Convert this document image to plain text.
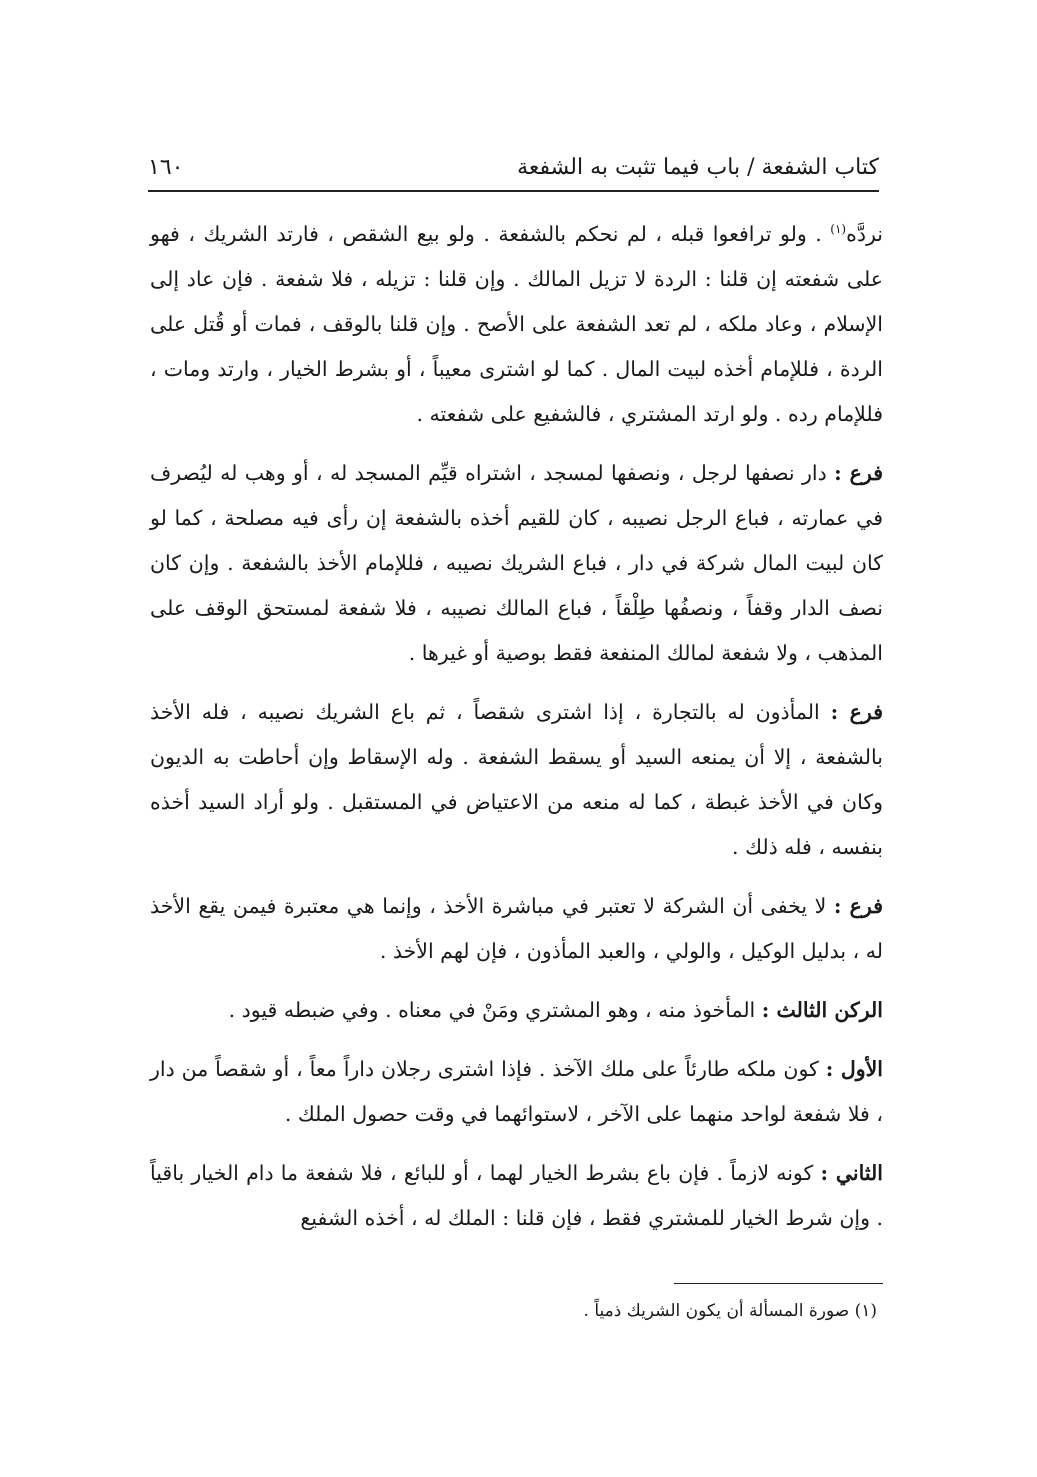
كتاب الشفعة / باب فيما تثبت به الشفعة
١٦٠

نردَّه$^{(١)}$ . ولو ترافعوا قبله ، لم نحكم بالشفعة . ولو بيع الشقص ، فارتد الشريك ، فهو على شفعته إن قلنا : الردة لا تزيل المالك . وإن قلنا : تزيله ، فلا شفعة . فإن عاد إلى الإسلام ، وعاد ملكه ، لم تعد الشفعة على الأصح . وإن قلنا بالوقف ، فمات أو قُتل على الردة ، فللإمام أخذه لبيت المال . كما لو اشترى معيباً ، أو بشرط الخيار ، وارتد ومات ، فللإمام رده . ولو ارتد المشتري ، فالشفيع على شفعته .

فرع : دار نصفها لرجل ، ونصفها لمسجد ، اشتراه قيِّم المسجد له ، أو وهب له ليُصرف في عمارته ، فباع الرجل نصيبه ، كان للقيم أخذه بالشفعة إن رأى فيه مصلحة ، كما لو كان لبيت المال شركة في دار ، فباع الشريك نصيبه ، فللإمام الأخذ بالشفعة . وإن كان نصف الدار وقفاً ، ونصفُها طِلْقاً ، فباع المالك نصيبه ، فلا شفعة لمستحق الوقف على المذهب ، ولا شفعة لمالك المنفعة فقط بوصية أو غيرها .

فرع : المأذون له بالتجارة ، إذا اشترى شقصاً ، ثم باع الشريك نصيبه ، فله الأخذ بالشفعة ، إلا أن يمنعه السيد أو يسقط الشفعة . وله الإسقاط وإن أحاطت به الديون وكان في الأخذ غبطة ، كما له منعه من الاعتياض في المستقبل . ولو أراد السيد أخذه بنفسه ، فله ذلك .

فرع : لا يخفى أن الشركة لا تعتبر في مباشرة الأخذ ، وإنما هي معتبرة فيمن يقع الأخذ له ، بدليل الوكيل ، والولي ، والعبد المأذون ، فإن لهم الأخذ .

الركن الثالث : المأخوذ منه ، وهو المشتري ومَنْ في معناه . وفي ضبطه قيود .

الأول : كون ملكه طارئاً على ملك الآخذ . فإذا اشترى رجلان داراً معاً ، أو شقصاً من دار ، فلا شفعة لواحد منهما على الآخر ، لاستوائهما في وقت حصول الملك .

الثاني : كونه لازماً . فإن باع بشرط الخيار لهما ، أو للبائع ، فلا شفعة ما دام الخيار باقياً . وإن شرط الخيار للمشتري فقط ، فإن قلنا : الملك له ، أخذه الشفيع

(١) صورة المسألة أن يكون الشريك ذمياً .
